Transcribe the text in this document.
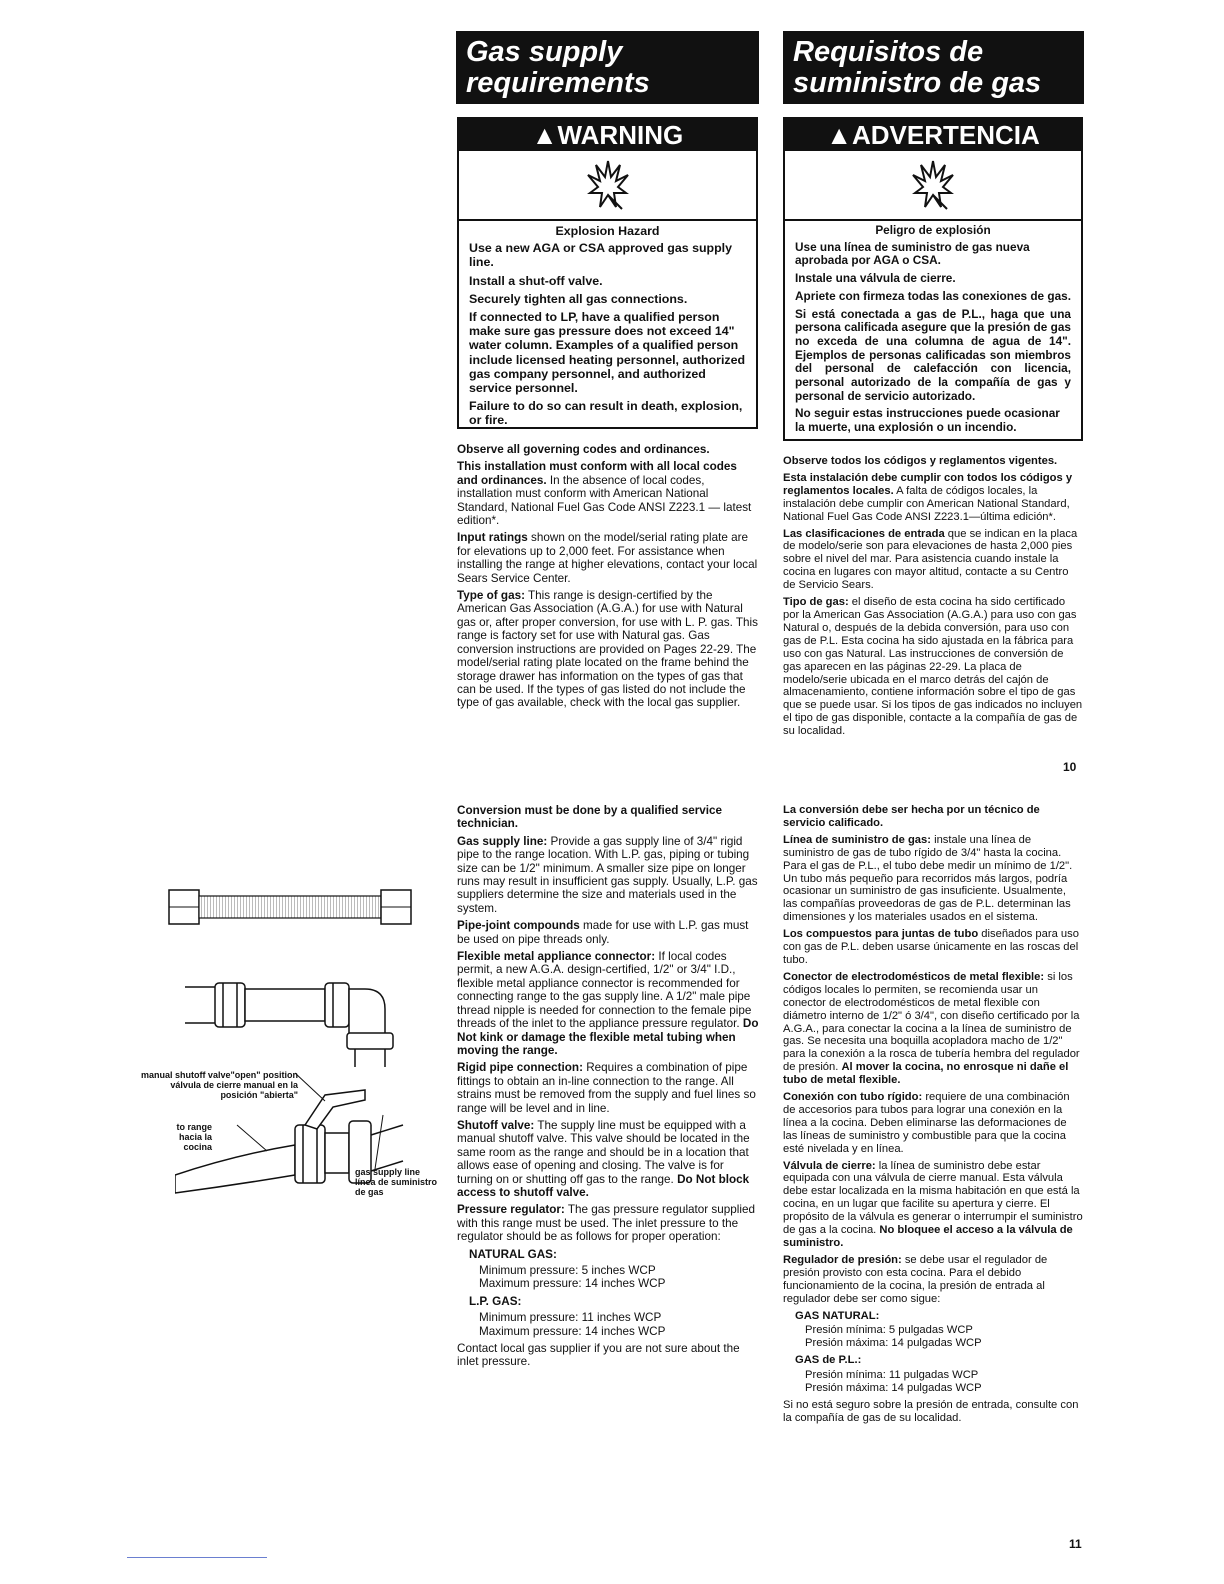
Gas supply
requirements
Requisitos de
suministro de gas
▲WARNING

Explosion Hazard

Use a new AGA or CSA approved gas supply line.

Install a shut-off valve.

Securely tighten all gas connections.

If connected to LP, have a qualified person make sure gas pressure does not exceed 14" water column. Examples of a qualified person include licensed heating personnel, authorized gas company personnel, and authorized service personnel.

Failure to do so can result in death, explosion, or fire.

▲ADVERTENCIA

Peligro de explosión

Use una línea de suministro de gas nueva aprobada por AGA o CSA.

Instale una válvula de cierre.

Apriete con firmeza todas las conexiones de gas.

Si está conectada a gas de P.L., haga que una persona calificada asegure que la presión de gas no exceda de una columna de agua de 14". Ejemplos de personas calificadas son miembros del personal de calefacción con licencia, personal autorizado de la compañía de gas y personal de servicio autorizado.

No seguir estas instrucciones puede ocasionar la muerte, una explosión o un incendio.

Observe all governing codes and ordinances.

This installation must conform with all local codes and ordinances. In the absence of local codes, installation must conform with American National Standard, National Fuel Gas Code ANSI Z223.1 — latest edition*.

Input ratings shown on the model/serial rating plate are for elevations up to 2,000 feet. For assistance when installing the range at higher elevations, contact your local Sears Service Center.

Type of gas: This range is design-certified by the American Gas Association (A.G.A.) for use with Natural gas or, after proper conversion, for use with L. P. gas. This range is factory set for use with Natural gas. Gas conversion instructions are provided on Pages 22-29. The model/serial rating plate located on the frame behind the storage drawer has information on the types of gas that can be used. If the types of gas listed do not include the type of gas available, check with the local gas supplier.

Observe todos los códigos y reglamentos vigentes.

Esta instalación debe cumplir con todos los códigos y reglamentos locales. A falta de códigos locales, la instalación debe cumplir con American National Standard, National Fuel Gas Code ANSI Z223.1—última edición*.

Las clasificaciones de entrada que se indican en la placa de modelo/serie son para elevaciones de hasta 2,000 pies sobre el nivel del mar. Para asistencia cuando instale la cocina en lugares con mayor altitud, contacte a su Centro de Servicio Sears.

Tipo de gas: el diseño de esta cocina ha sido certificado por la American Gas Association (A.G.A.) para uso con gas Natural o, después de la debida conversión, para uso con gas de P.L. Esta cocina ha sido ajustada en la fábrica para uso con gas Natural. Las instrucciones de conversión de gas aparecen en las páginas 22-29. La placa de modelo/serie ubicada en el marco detrás del cajón de almacenamiento, contiene información sobre el tipo de gas que se puede usar. Si los tipos de gas indicados no incluyen el tipo de gas disponible, contacte a la compañía de gas de su localidad.

10

Conversion must be done by a qualified service technician.

Gas supply line: Provide a gas supply line of 3/4" rigid pipe to the range location. With L.P. gas, piping or tubing size can be 1/2" minimum. A smaller size pipe on longer runs may result in insufficient gas supply. Usually, L.P. gas suppliers determine the size and materials used in the system.

Pipe-joint compounds made for use with L.P. gas must be used on pipe threads only.

Flexible metal appliance connector: If local codes permit, a new A.G.A. design-certified, 1/2" or 3/4" I.D., flexible metal appliance connector is recommended for connecting range to the gas supply line. A 1/2" male pipe thread nipple is needed for connection to the female pipe threads of the inlet to the appliance pressure regulator. Do Not kink or damage the flexible metal tubing when moving the range.

Rigid pipe connection: Requires a combination of pipe fittings to obtain an in-line connection to the range. All strains must be removed from the supply and fuel lines so range will be level and in line.

Shutoff valve: The supply line must be equipped with a manual shutoff valve. This valve should be located in the same room as the range and should be in a location that allows ease of opening and closing. The valve is for turning on or shutting off gas to the range. Do Not block access to shutoff valve.

Pressure regulator: The gas pressure regulator supplied with this range must be used. The inlet pressure to the regulator should be as follows for proper operation:

NATURAL GAS:

Minimum pressure: 5 inches WCP
Maximum pressure: 14 inches WCP

L.P. GAS:

Minimum pressure: 11 inches WCP
Maximum pressure: 14 inches WCP

Contact local gas supplier if you are not sure about the inlet pressure.

La conversión debe ser hecha por un técnico de servicio calificado.

Línea de suministro de gas: instale una línea de suministro de gas de tubo rígido de 3/4" hasta la cocina. Para el gas de P.L., el tubo debe medir un mínimo de 1/2". Un tubo más pequeño para recorridos más largos, podría ocasionar un suministro de gas insuficiente. Usualmente, las compañías proveedoras de gas de P.L. determinan las dimensiones y los materiales usados en el sistema.

Los compuestos para juntas de tubo diseñados para uso con gas de P.L. deben usarse únicamente en las roscas del tubo.

Conector de electrodomésticos de metal flexible: si los códigos locales lo permiten, se recomienda usar un conector de electrodomésticos de metal flexible con diámetro interno de 1/2" ó 3/4", con diseño certificado por la A.G.A., para conectar la cocina a la línea de suministro de gas. Se necesita una boquilla acopladora macho de 1/2" para la conexión a la rosca de tubería hembra del regulador de presión. Al mover la cocina, no enrosque ni dañe el tubo de metal flexible.

Conexión con tubo rígido: requiere de una combinación de accesorios para tubos para lograr una conexión en la línea a la cocina. Deben eliminarse las deformaciones de las líneas de suministro y combustible para que la cocina esté nivelada y en línea.

Válvula de cierre: la línea de suministro debe estar equipada con una válvula de cierre manual. Esta válvula debe estar localizada en la misma habitación en que está la cocina, en un lugar que facilite su apertura y cierre. El propósito de la válvula es generar o interrumpir el suministro de gas a la cocina. No bloquee el acceso a la válvula de suministro.

Regulador de presión: se debe usar el regulador de presión provisto con esta cocina. Para el debido funcionamiento de la cocina, la presión de entrada al regulador debe ser como sigue:

GAS NATURAL:

Presión mínima: 5 pulgadas WCP
Presión máxima: 14 pulgadas WCP

GAS de P.L.:

Presión mínima: 11 pulgadas WCP
Presión máxima: 14 pulgadas WCP

Si no está seguro sobre la presión de entrada, consulte con la compañía de gas de su localidad.

11
manual shutoff valve"open" position
válvula de cierre manual en la
posición "abierta"
to range
hacia la
cocina
gas supply line
línea de suministro
de gas
